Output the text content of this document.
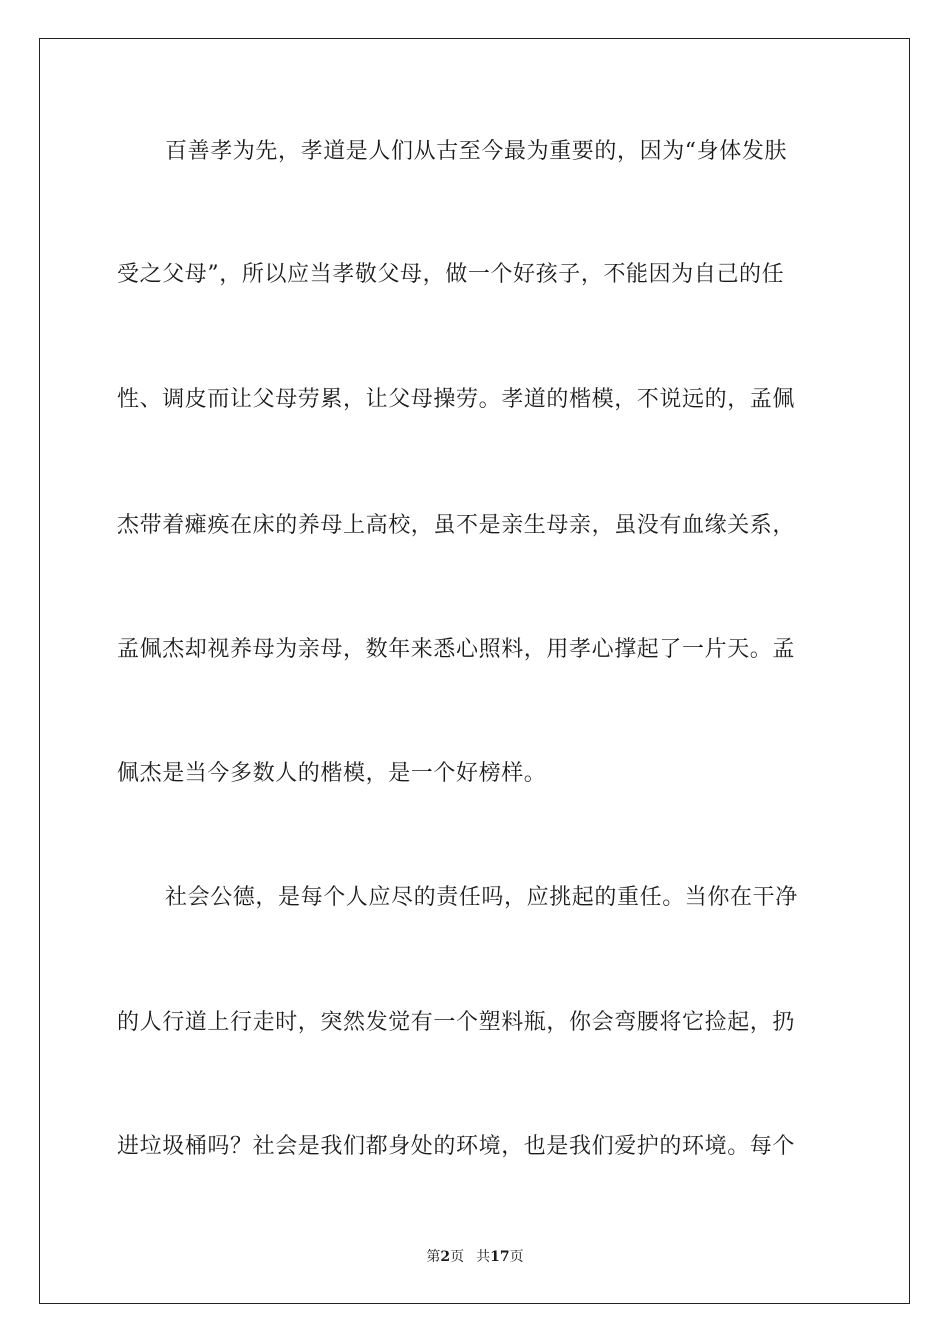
百善孝为先，孝道是人们从古至今最为重要的，因为“身体发肤
受之父母”，所以应当孝敬父母，做一个好孩子，不能因为自己的任
性、调皮而让父母劳累，让父母操劳。孝道的楷模，不说远的，孟佩
杰带着瘫痪在床的养母上高校，虽不是亲生母亲，虽没有血缘关系，
孟佩杰却视养母为亲母，数年来悉心照料，用孝心撑起了一片天。孟
佩杰是当今多数人的楷模，是一个好榜样。
社会公德，是每个人应尽的责任吗，应挑起的重任。当你在干净
的人行道上行走时，突然发觉有一个塑料瓶，你会弯腰将它捡起，扔
进垃圾桶吗？社会是我们都身处的环境，也是我们爱护的环境。每个
第2页 共17页
